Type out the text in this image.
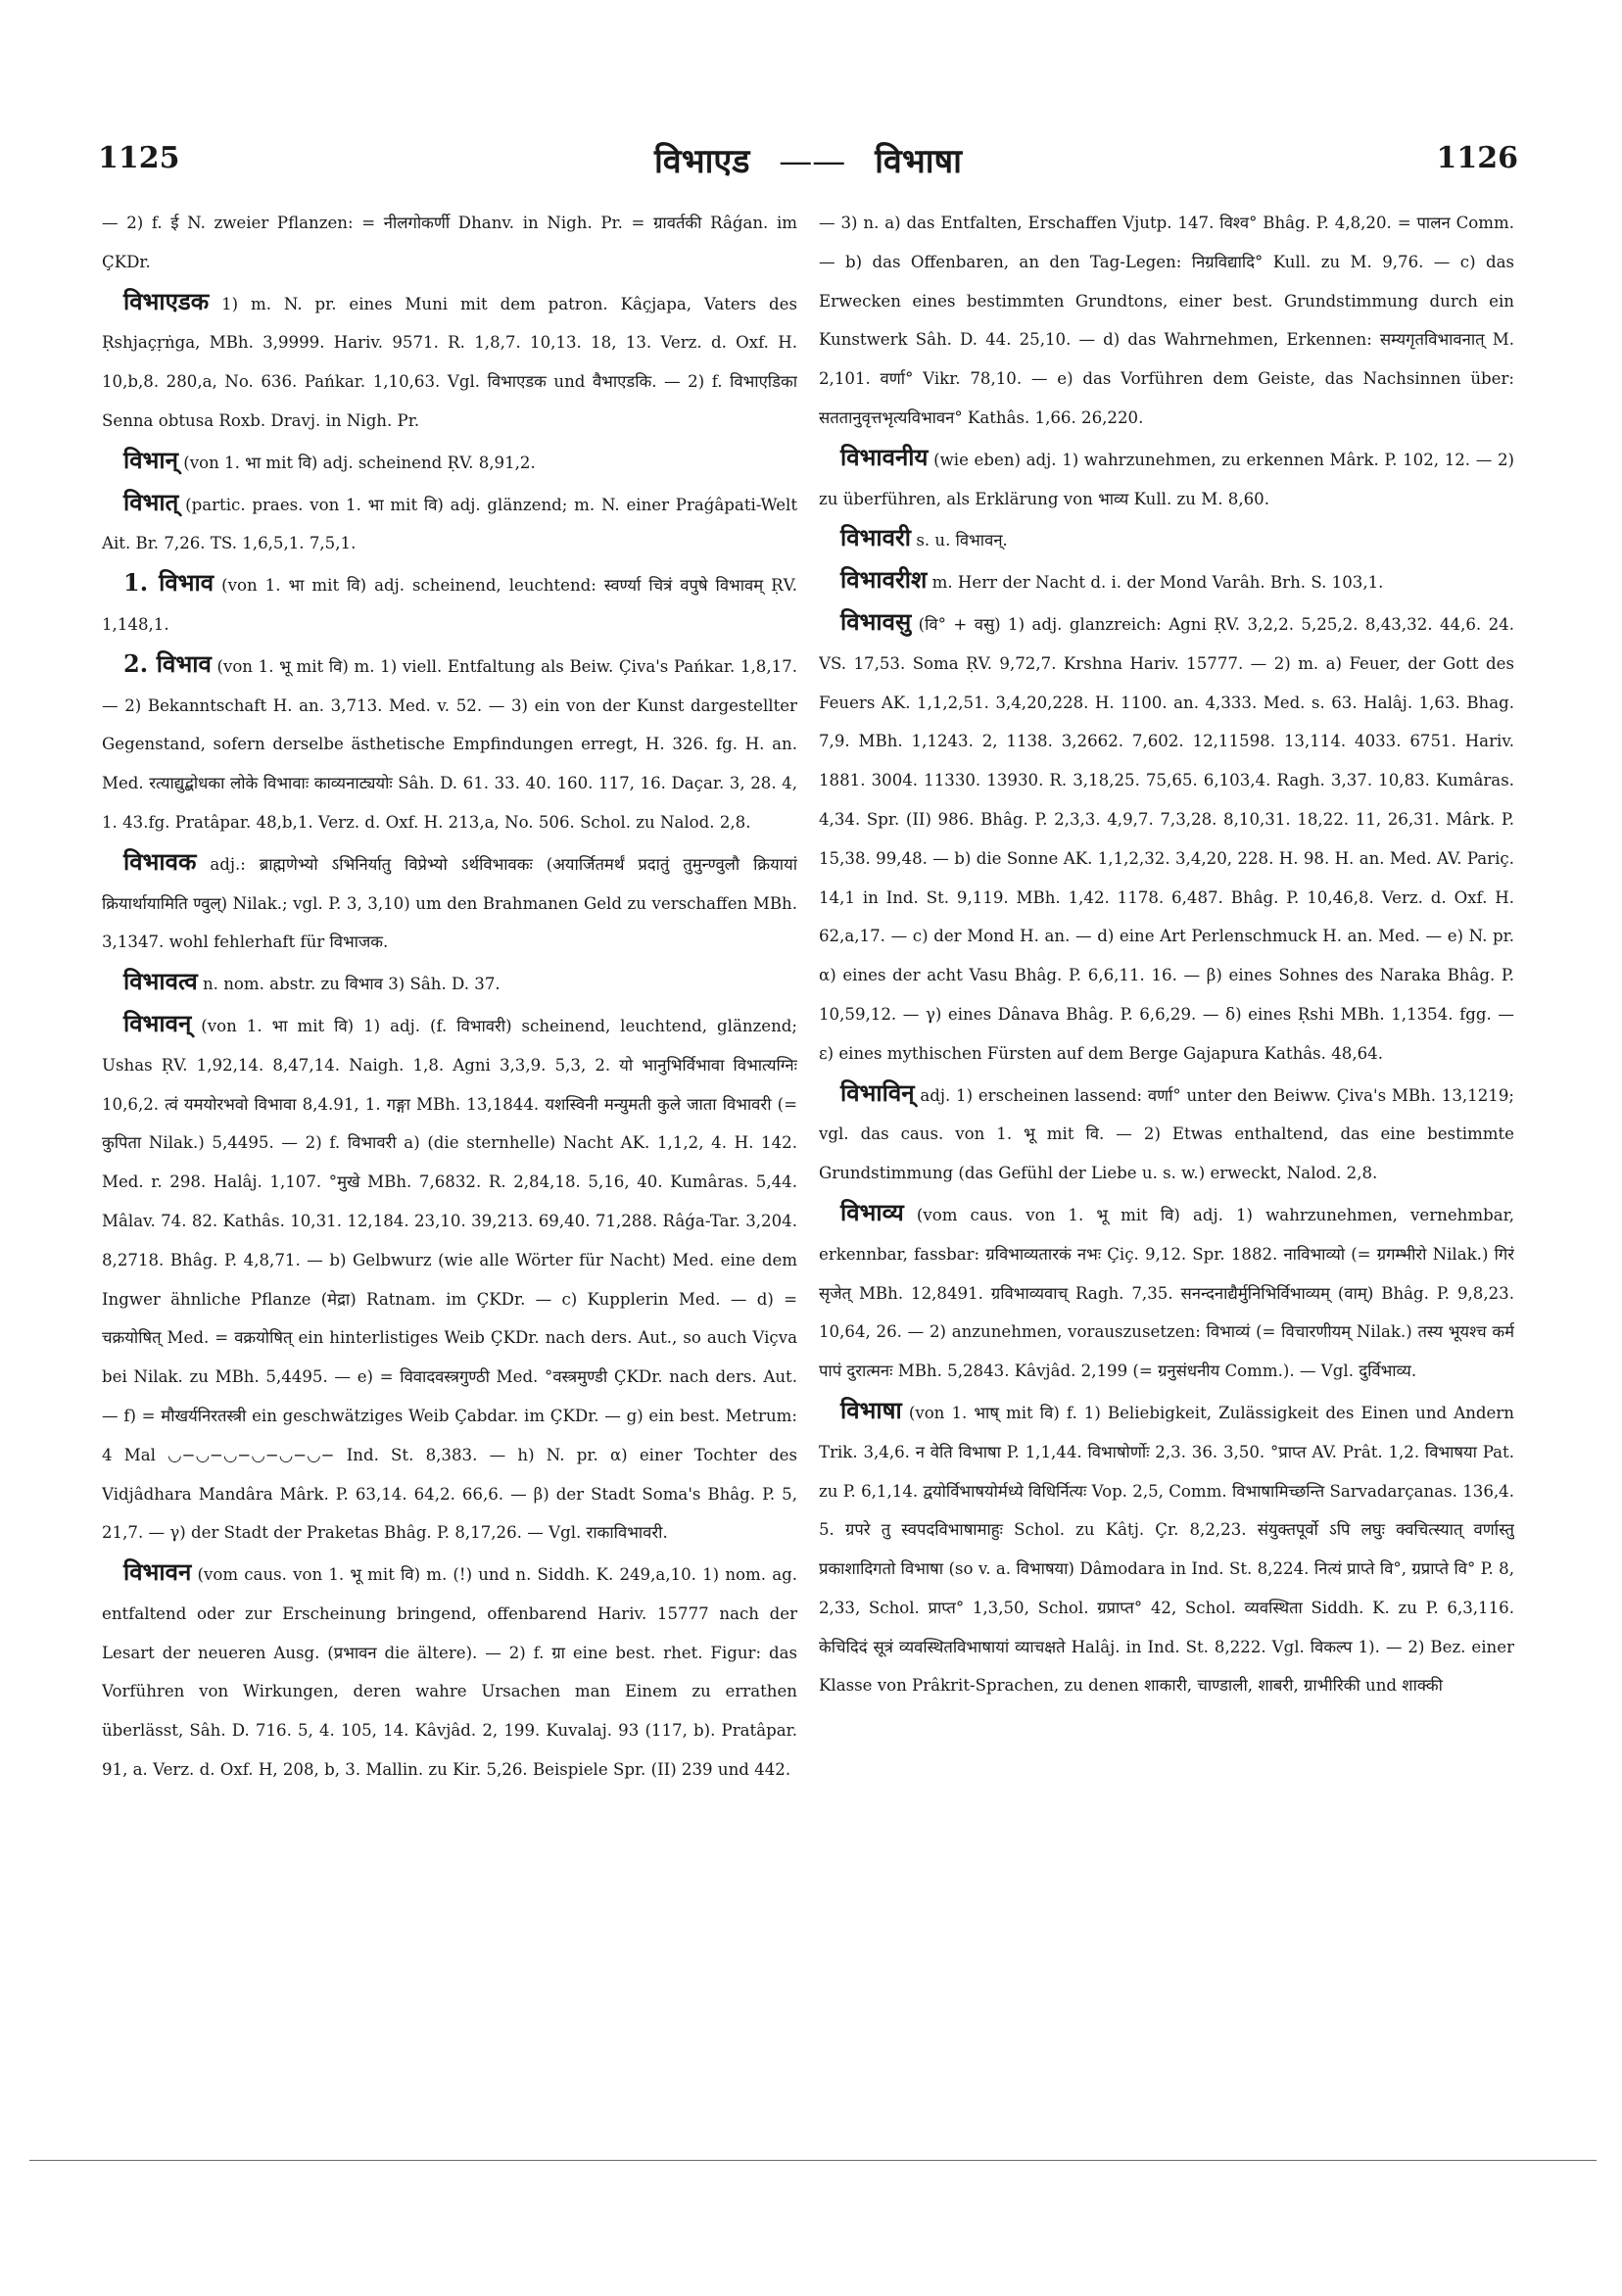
1125	विभाएड —— विभाषा	1126

— 2) f. ई N. zweier Pflanzen: = नीलगोकर्णी Dhanv. in Nigh. Pr. = ग्रावर्तकी Râǵan. im ÇKDr.

विभाएडक 1) m. N. pr. eines Muni mit dem patron. Kâçjapa, Vaters des Ṛshjaçṛṅga, MBh. 3,9999. Hariv. 9571. R. 1,8,7. 10,13. 18, 13. Verz. d. Oxf. H. 10,b,8. 280,a, No. 636. Pańkar. 1,10,63. Vgl. विभाएडक und वैभाएडकि. — 2) f. विभाएडिका Senna obtusa Roxb. Dravj. in Nigh. Pr.

विभान् (von 1. भा mit वि) adj. scheinend ṚV. 8,91,2.

विभात् (partic. praes. von 1. भा mit वि) adj. glänzend; m. N. einer Praǵâpati-Welt Ait. Br. 7,26. TS. 1,6,5,1. 7,5,1.

1. विभाव (von 1. भा mit वि) adj. scheinend, leuchtend: स्वर्ण्या चित्रं वपुषे विभावम् ṚV. 1,148,1.

2. विभाव (von 1. भू mit वि) m. 1) viell. Entfaltung als Beiw. Çiva's Pańkar. 1,8,17. — 2) Bekanntschaft H. an. 3,713. Med. v. 52. — 3) ein von der Kunst dargestellter Gegenstand, sofern derselbe ästhetische Empfindungen erregt, H. 326. fg. H. an. Med. रत्याद्युद्बोधका लोके विभावाः काव्यनाट्ययोः Sâh. D. 61. 33. 40. 160. 117, 16. Daçar. 3, 28. 4, 1. 43.fg. Pratâpar. 48,b,1. Verz. d. Oxf. H. 213,a, No. 506. Schol. zu Nalod. 2,8.

विभावक adj.: ब्राह्मणेभ्यो ऽभिनिर्यातु विप्रेभ्यो ऽर्थविभावकः (अयार्जितमर्थं प्रदातुं तुमुन्ण्वुलौ क्रियायां क्रियार्थायामिति ण्वुल्) Nilak.; vgl. P. 3, 3,10) um den Brahmanen Geld zu verschaffen MBh. 3,1347. wohl fehlerhaft für विभाजक.

विभावत्व n. nom. abstr. zu विभाव 3) Sâh. D. 37.

विभावन् (von 1. भा mit वि) 1) adj. (f. विभावरी) scheinend, leuchtend, glänzend; Ushas ṚV. 1,92,14. 8,47,14. Naigh. 1,8. Agni 3,3,9. 5,3, 2. यो भानुभिर्विभावा विभात्यग्निः 10,6,2. त्वं यमयोरभवो विभावा 8,4.91, 1. गङ्गा MBh. 13,1844. यशस्विनी मन्युमती कुले जाता विभावरी (= कुपिता Nilak.) 5,4495. — 2) f. विभावरी a) (die sternhelle) Nacht AK. 1,1,2, 4. H. 142. Med. r. 298. Halâj. 1,107. °मुखे MBh. 7,6832. R. 2,84,18. 5,16, 40. Kumâras. 5,44. Mâlav. 74. 82. Kathâs. 10,31. 12,184. 23,10. 39,213. 69,40. 71,288. Râǵa-Tar. 3,204. 8,2718. Bhâg. P. 4,8,71. — b) Gelbwurz (wie alle Wörter für Nacht) Med. eine dem Ingwer ähnliche Pflanze (मेद्रा) Ratnam. im ÇKDr. — c) Kupplerin Med. — d) = चक्रयोषित् Med. = वक्रयोषित् ein hinterlistiges Weib ÇKDr. nach ders. Aut., so auch Viçva bei Nilak. zu MBh. 5,4495. — e) = विवादवस्त्रगुण्ठी Med. °वस्त्रमुण्डी ÇKDr. nach ders. Aut. — f) = मौखर्यनिरतस्त्री ein geschwätziges Weib Çabdar. im ÇKDr. — g) ein best. Metrum: 4 Mal ◡−◡−◡−◡−◡−◡− Ind. St. 8,383. — h) N. pr. α) einer Tochter des Vidjâdhara Mandâra Mârk. P. 63,14. 64,2. 66,6. — β) der Stadt Soma's Bhâg. P. 5, 21,7. — γ) der Stadt der Praketas Bhâg. P. 8,17,26. — Vgl. राकाविभावरी.

विभावन (vom caus. von 1. भू mit वि) m. (!) und n. Siddh. K. 249,a,10. 1) nom. ag. entfaltend oder zur Erscheinung bringend, offenbarend Hariv. 15777 nach der Lesart der neueren Ausg. (प्रभावन die ältere). — 2) f. ग्रा eine best. rhet. Figur: das Vorführen von Wirkungen, deren wahre Ursachen man Einem zu errathen überlässt, Sâh. D. 716. 5, 4. 105, 14. Kâvjâd. 2, 199. Kuvalaj. 93 (117, b). Pratâpar. 91, a. Verz. d. Oxf. H, 208, b, 3. Mallin. zu Kir. 5,26. Beispiele Spr. (II) 239 und 442.

— 3) n. a) das Entfalten, Erschaffen Vjutp. 147. विश्व° Bhâg. P. 4,8,20. = पालन Comm. — b) das Offenbaren, an den Tag-Legen: निग्रविद्यादि° Kull. zu M. 9,76. — c) das Erwecken eines bestimmten Grundtons, einer best. Grundstimmung durch ein Kunstwerk Sâh. D. 44. 25,10. — d) das Wahrnehmen, Erkennen: सम्यगृतविभावनात् M. 2,101. वर्णा° Vikr. 78,10. — e) das Vorführen dem Geiste, das Nachsinnen über: सततानुवृत्तभृत्यविभावन° Kathâs. 1,66. 26,220.

विभावनीय (wie eben) adj. 1) wahrzunehmen, zu erkennen Mârk. P. 102, 12. — 2) zu überführen, als Erklärung von भाव्य Kull. zu M. 8,60.

विभावरी s. u. विभावन्.

विभावरीश m. Herr der Nacht d. i. der Mond Varâh. Brh. S. 103,1.

विभावसु (वि° + वसु) 1) adj. glanzreich: Agni ṚV. 3,2,2. 5,25,2. 8,43,32. 44,6. 24. VS. 17,53. Soma ṚV. 9,72,7. Krshna Hariv. 15777. — 2) m. a) Feuer, der Gott des Feuers AK. 1,1,2,51. 3,4,20,228. H. 1100. an. 4,333. Med. s. 63. Halâj. 1,63. Bhag. 7,9. MBh. 1,1243. 2, 1138. 3,2662. 7,602. 12,11598. 13,114. 4033. 6751. Hariv. 1881. 3004. 11330. 13930. R. 3,18,25. 75,65. 6,103,4. Ragh. 3,37. 10,83. Kumâras. 4,34. Spr. (II) 986. Bhâg. P. 2,3,3. 4,9,7. 7,3,28. 8,10,31. 18,22. 11, 26,31. Mârk. P. 15,38. 99,48. — b) die Sonne AK. 1,1,2,32. 3,4,20, 228. H. 98. H. an. Med. AV. Pariç. 14,1 in Ind. St. 9,119. MBh. 1,42. 1178. 6,487. Bhâg. P. 10,46,8. Verz. d. Oxf. H. 62,a,17. — c) der Mond H. an. — d) eine Art Perlenschmuck H. an. Med. — e) N. pr. α) eines der acht Vasu Bhâg. P. 6,6,11. 16. — β) eines Sohnes des Naraka Bhâg. P. 10,59,12. — γ) eines Dânava Bhâg. P. 6,6,29. — δ) eines Ṛshi MBh. 1,1354. fgg. — ε) eines mythischen Fürsten auf dem Berge Gajapura Kathâs. 48,64.

विभाविन् adj. 1) erscheinen lassend: वर्णा° unter den Beiww. Çiva's MBh. 13,1219; vgl. das caus. von 1. भू mit वि. — 2) Etwas enthaltend, das eine bestimmte Grundstimmung (das Gefühl der Liebe u. s. w.) erweckt, Nalod. 2,8.

विभाव्य (vom caus. von 1. भू mit वि) adj. 1) wahrzunehmen, vernehmbar, erkennbar, fassbar: ग्रविभाव्यतारकं नभः Çiç. 9,12. Spr. 1882. नाविभाव्यो (= ग्रगम्भीरो Nilak.) गिरं सृजेत् MBh. 12,8491. ग्रविभाव्यवाच् Ragh. 7,35. सनन्दनाद्यैर्मुनिभिर्विभाव्यम् (वाम्) Bhâg. P. 9,8,23. 10,64, 26. — 2) anzunehmen, vorauszusetzen: विभाव्यं (= विचारणीयम् Nilak.) तस्य भूयश्च कर्म पापं दुरात्मनः MBh. 5,2843. Kâvjâd. 2,199 (= ग्रनुसंधनीय Comm.). — Vgl. दुर्विभाव्य.

विभाषा (von 1. भाष् mit वि) f. 1) Beliebigkeit, Zulässigkeit des Einen und Andern Trik. 3,4,6. न वेति विभाषा P. 1,1,44. विभाषोर्णोः 2,3. 36. 3,50. °प्राप्त AV. Prât. 1,2. विभाषया Pat. zu P. 6,1,14. द्वयोर्विभाषयोर्मध्ये विधिर्नित्यः Vop. 2,5, Comm. विभाषामिच्छन्ति Sarvadarçanas. 136,4. 5. ग्रपरे तु स्वपदविभाषामाहुः Schol. zu Kâtj. Çr. 8,2,23. संयुक्तपूर्वो ऽपि लघुः क्वचित्स्यात् वर्णास्तु प्रकाशादिगतो विभाषा (so v. a. विभाषया) Dâmodara in Ind. St. 8,224. नित्यं प्राप्ते वि°, ग्रप्राप्ते वि° P. 8, 2,33, Schol. प्राप्त° 1,3,50, Schol. ग्रप्राप्त° 42, Schol. व्यवस्थिता Siddh. K. zu P. 6,3,116. केचिदिदं सूत्रं व्यवस्थितविभाषायां व्याचक्षते Halâj. in Ind. St. 8,222. Vgl. विकल्प 1). — 2) Bez. einer Klasse von Prâkrit-Sprachen, zu denen शाकारी, चाण्डाली, शाबरी, ग्राभीरिकी und शाक्की
